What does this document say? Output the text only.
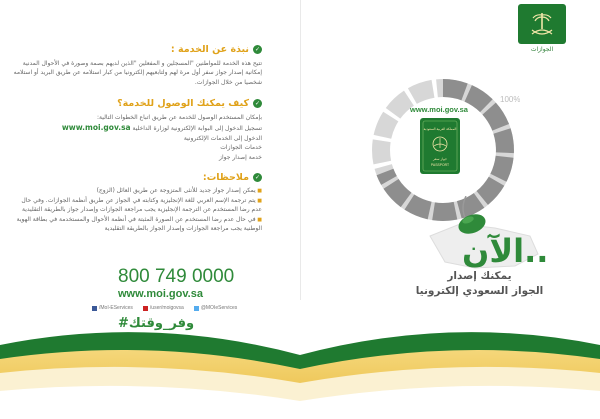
الجوازات
✓
نبذة عن الخدمة :
تتيح هذه الخدمة للمواطنين "المسجلين و المفعلين "الذين لديهم بصمة وصورة في الأحوال المدنية إمكانية إصدار جواز سفر أول مرة لهم ولتابعيهم إلكترونيا من كبار استلامه عن طريق البريد أو استلامه شخصيا من خلال الجوازات.
✓
كيف يمكنك الوصول للخدمة؟

بإمكان المستخدم الوصول للخدمة عن طريق اتباع الخطوات التالية:

تسجيل الدخول إلى البوابة الإلكترونية لوزارة الداخلية www.moi.gov.sa

الدخول إلى الخدمات الإلكترونية

خدمات الجوازات

خدمة إصدار جواز

✓
ملاحظات:
■ يمكن إصدار جواز جديد للأنثى المتزوجة عن طريق العائل (الزوج)
■ يتم ترجمة الإسم العربي للغة الإنجليزية وكتابته في الجواز عن طريق أنظمة الجوازات. وفي حال عدم رضا المستخدم عن الترجمة الإنجليزية يجب مراجعة الجوازات وإصدار جواز بالطريقة التقليدية
■ في حال عدم رضا المستخدم عن الصورة المثبتة في أنظمة الأحوال والمستخدمة في بطاقة الهوية الوطنية يجب مراجعة الجوازات وإصدار الجواز بالطريقة التقليدية
800 749 0000
www.moi.gov.sa
/MoI-EServices	/user/moigovsa	@MOIeServices
#وفر_وقتك
100%
www.moi.gov.sa
المملكة العربية السعودية
جواز سفر
PASSPORT
الآن..
يمكنك إصدار
الجواز السعودي إلكترونيا
